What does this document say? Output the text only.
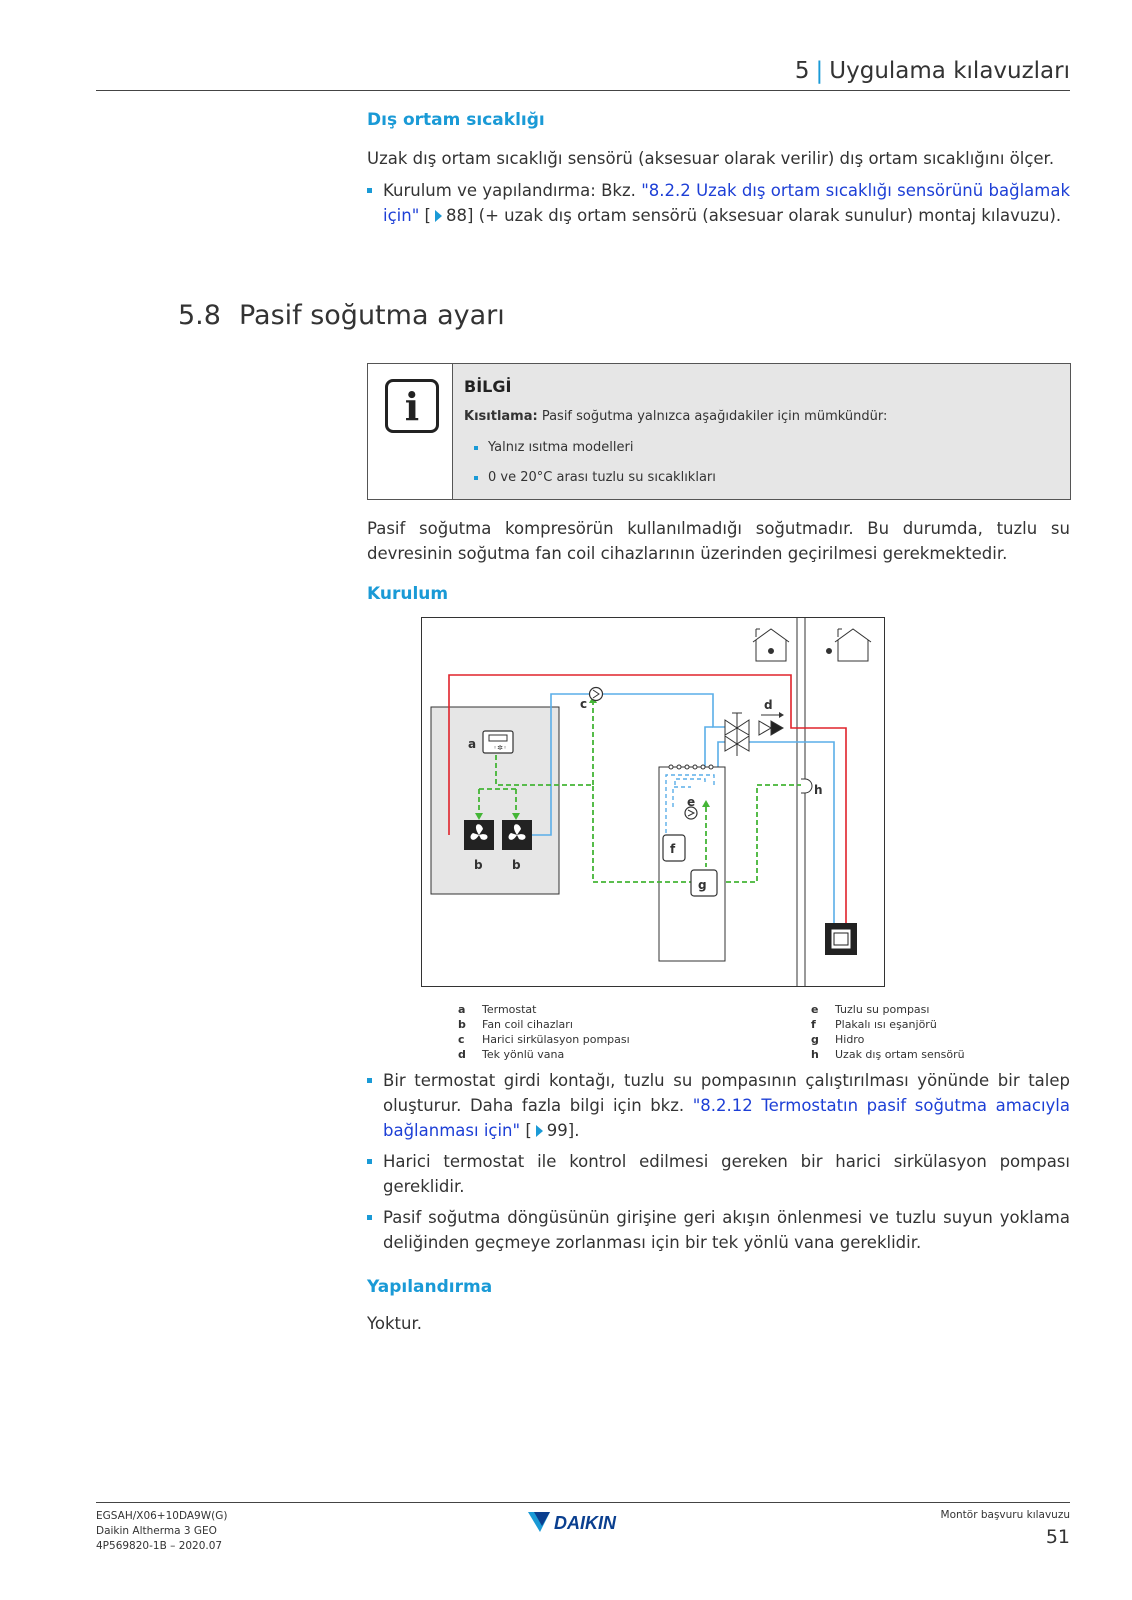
5 | Uygulama kılavuzları
Dış ortam sıcaklığı
Uzak dış ortam sıcaklığı sensörü (aksesuar olarak verilir) dış ortam sıcaklığını ölçer.
Kurulum ve yapılandırma: Bkz. "8.2.2 Uzak dış ortam sıcaklığı sensörünü bağlamak için" [ 88] (+ uzak dış ortam sensörü (aksesuar olarak sunulur) montaj kılavuzu).
5.8 Pasif soğutma ayarı
i	BİLGİ
Kısıtlama: Pasif soğutma yalnızca aşağıdakiler için mümkündür:
Yalnız ısıtma modelleri
0 ve 20°C arası tuzlu su sıcaklıkları
Pasif soğutma kompresörün kullanılmadığı soğutmadır. Bu durumda, tuzlu su devresinin soğutma fan coil cihazlarının üzerinden geçirilmesi gerekmektedir.
Kurulum
◦✲◦
a
b b
c	d
e
f
g
h
a Termostat
b Fan coil cihazları
c Harici sirkülasyon pompası
d Tek yönlü vana
e Tuzlu su pompası
f Plakalı ısı eşanjörü
g Hidro
h Uzak dış ortam sensörü
Bir termostat girdi kontağı, tuzlu su pompasının çalıştırılması yönünde bir talep oluşturur. Daha fazla bilgi için bkz. "8.2.12 Termostatın pasif soğutma amacıyla bağlanması için" [ 99].
Harici termostat ile kontrol edilmesi gereken bir harici sirkülasyon pompası gereklidir.
Pasif soğutma döngüsünün girişine geri akışın önlenmesi ve tuzlu suyun yoklama deliğinden geçmeye zorlanması için bir tek yönlü vana gereklidir.
Yapılandırma
Yoktur.
EGSAH/X06+10DA9W(G)
Daikin Altherma 3 GEO
4P569820-1B – 2020.07
DAIKIN	Montör başvuru kılavuzu
51
